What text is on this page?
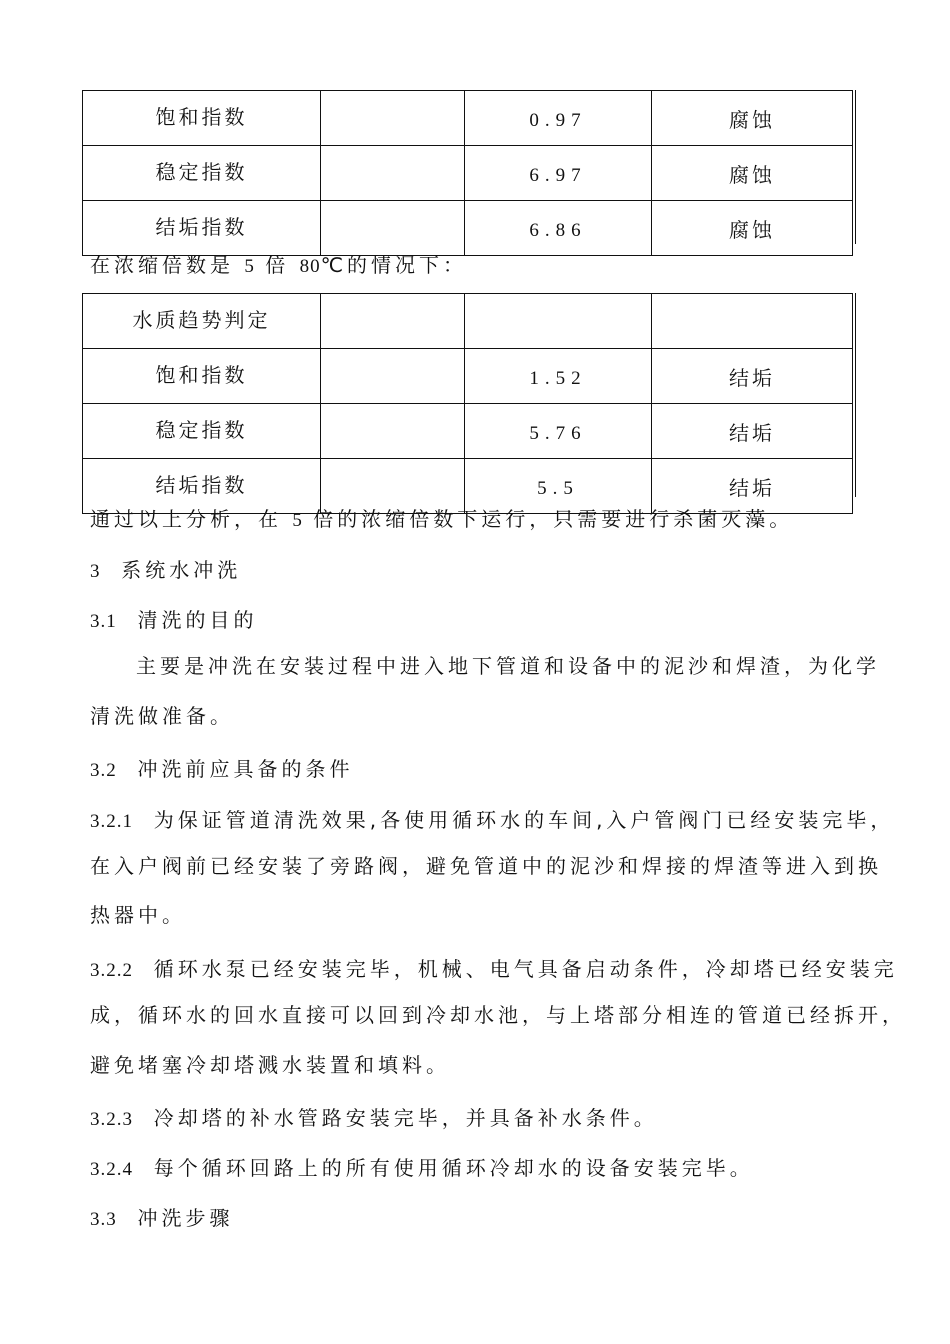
饱和指数		0.97	腐蚀
稳定指数		6.97	腐蚀
结垢指数		6.86	腐蚀
在浓缩倍数是 5 倍 80℃的情况下：
水质趋势判定			
饱和指数		1.52	结垢
稳定指数		5.76	结垢
结垢指数		5.5	结垢
通过以上分析，在 5 倍的浓缩倍数下运行，只需要进行杀菌灭藻。
3 系统水冲洗
3.1 清洗的目的
主要是冲洗在安装过程中进入地下管道和设备中的泥沙和焊渣，为化学
清洗做准备。
3.2 冲洗前应具备的条件
3.2.1 为保证管道清洗效果,各使用循环水的车间,入户管阀门已经安装完毕，
在入户阀前已经安装了旁路阀，避免管道中的泥沙和焊接的焊渣等进入到换
热器中。
3.2.2 循环水泵已经安装完毕，机械、电气具备启动条件，冷却塔已经安装完
成，循环水的回水直接可以回到冷却水池，与上塔部分相连的管道已经拆开，
避免堵塞冷却塔溅水装置和填料。
3.2.3 冷却塔的补水管路安装完毕，并具备补水条件。
3.2.4 每个循环回路上的所有使用循环冷却水的设备安装完毕。
3.3 冲洗步骤
